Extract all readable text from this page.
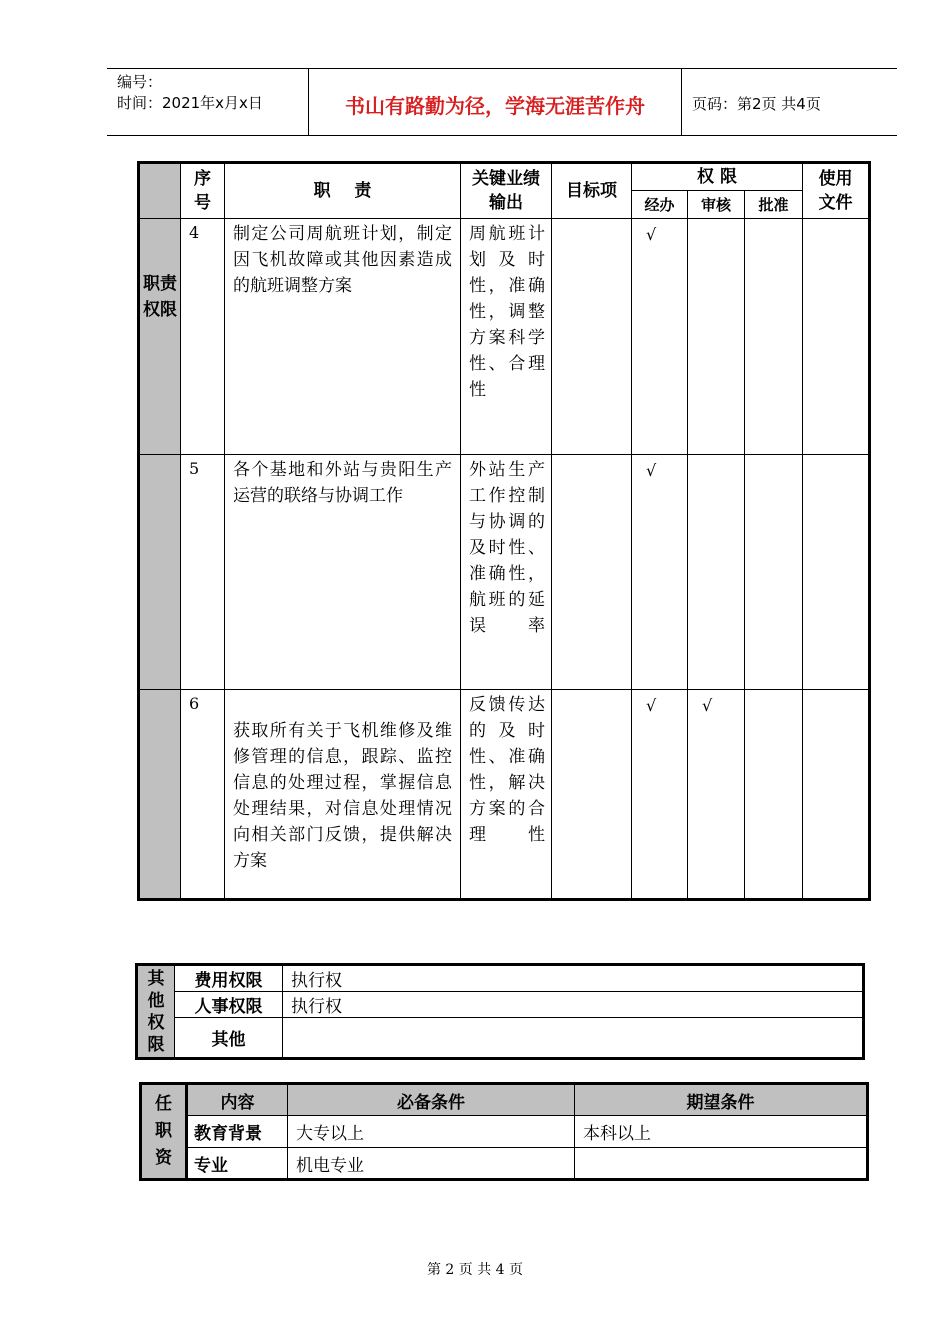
编号：
时间：2021年x月x日	书山有路勤为径，学海无涯苦作舟	页码：第2页 共4页
	序号	职    责	关键业绩输出	目标项	权 限			使用文件
					经办	审核	批准	

职责权限	4	制定公司周航班计划，制定因飞机故障或其他因素造成的航班调整方案	周航班计划及时性，准确性，调整方案科学性、合理性		√			
	5	各个基地和外站与贵阳生产运营的联络与协调工作	外站生产工作控制与协调的及时性、准确性，航班的延误率		√			
	6	获取所有关于飞机维修及维修管理的信息，跟踪、监控信息的处理过程，掌握信息处理结果，对信息处理情况向相关部门反馈，提供解决方案	反馈传达的及时性、准确性，解决方案的合理性		√	√		
其他权限	费用权限	执行权
	人事权限	执行权
	其他	
任职资	内容	必备条件	期望条件
	教育背景	大专以上	本科以上
	专业	机电专业	
第 2 页 共 4 页
